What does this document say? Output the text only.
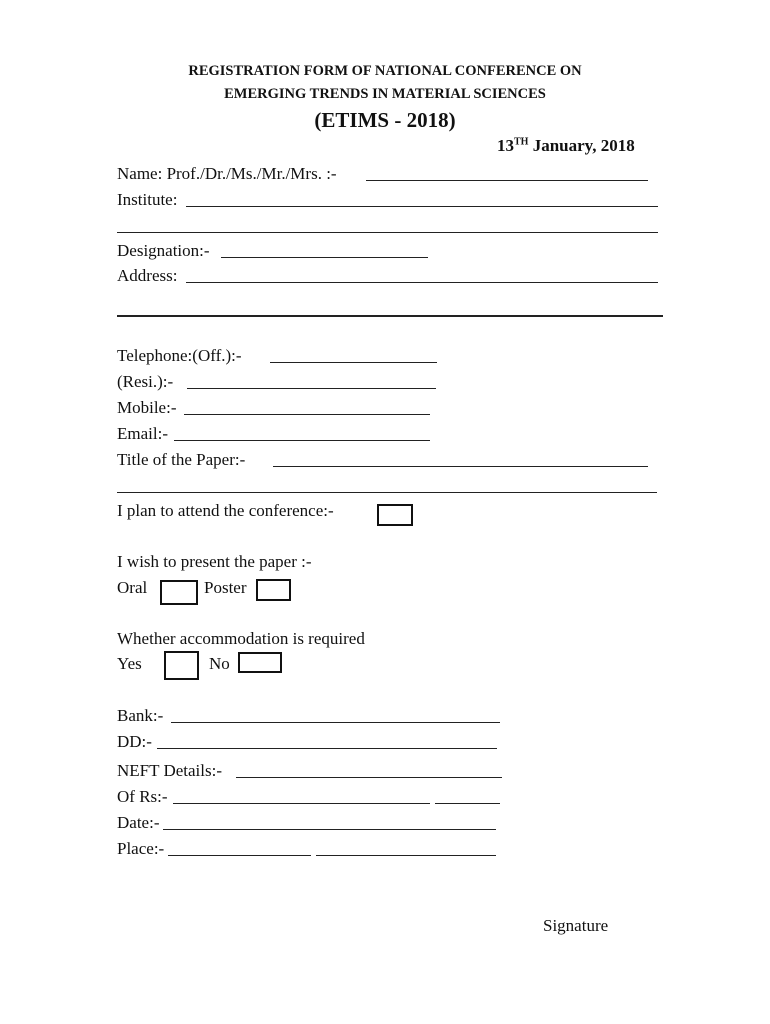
REGISTRATION FORM OF NATIONAL CONFERENCE ON
EMERGING TRENDS IN MATERIAL SCIENCES
(ETIMS - 2018)
13TH January, 2018
Name: Prof./Dr./Ms./Mr./Mrs. :-
Institute:
Designation:-
Address:
Telephone:(Off.):-
(Resi.):-
Mobile:-
Email:-
Title of the Paper:-
I plan to attend the conference:-
I wish to present the paper :-
Oral	Poster
Whether accommodation is required
Yes	No
Bank:-
DD:-
NEFT Details:-
Of Rs:-
Date:-
Place:-
Signature
